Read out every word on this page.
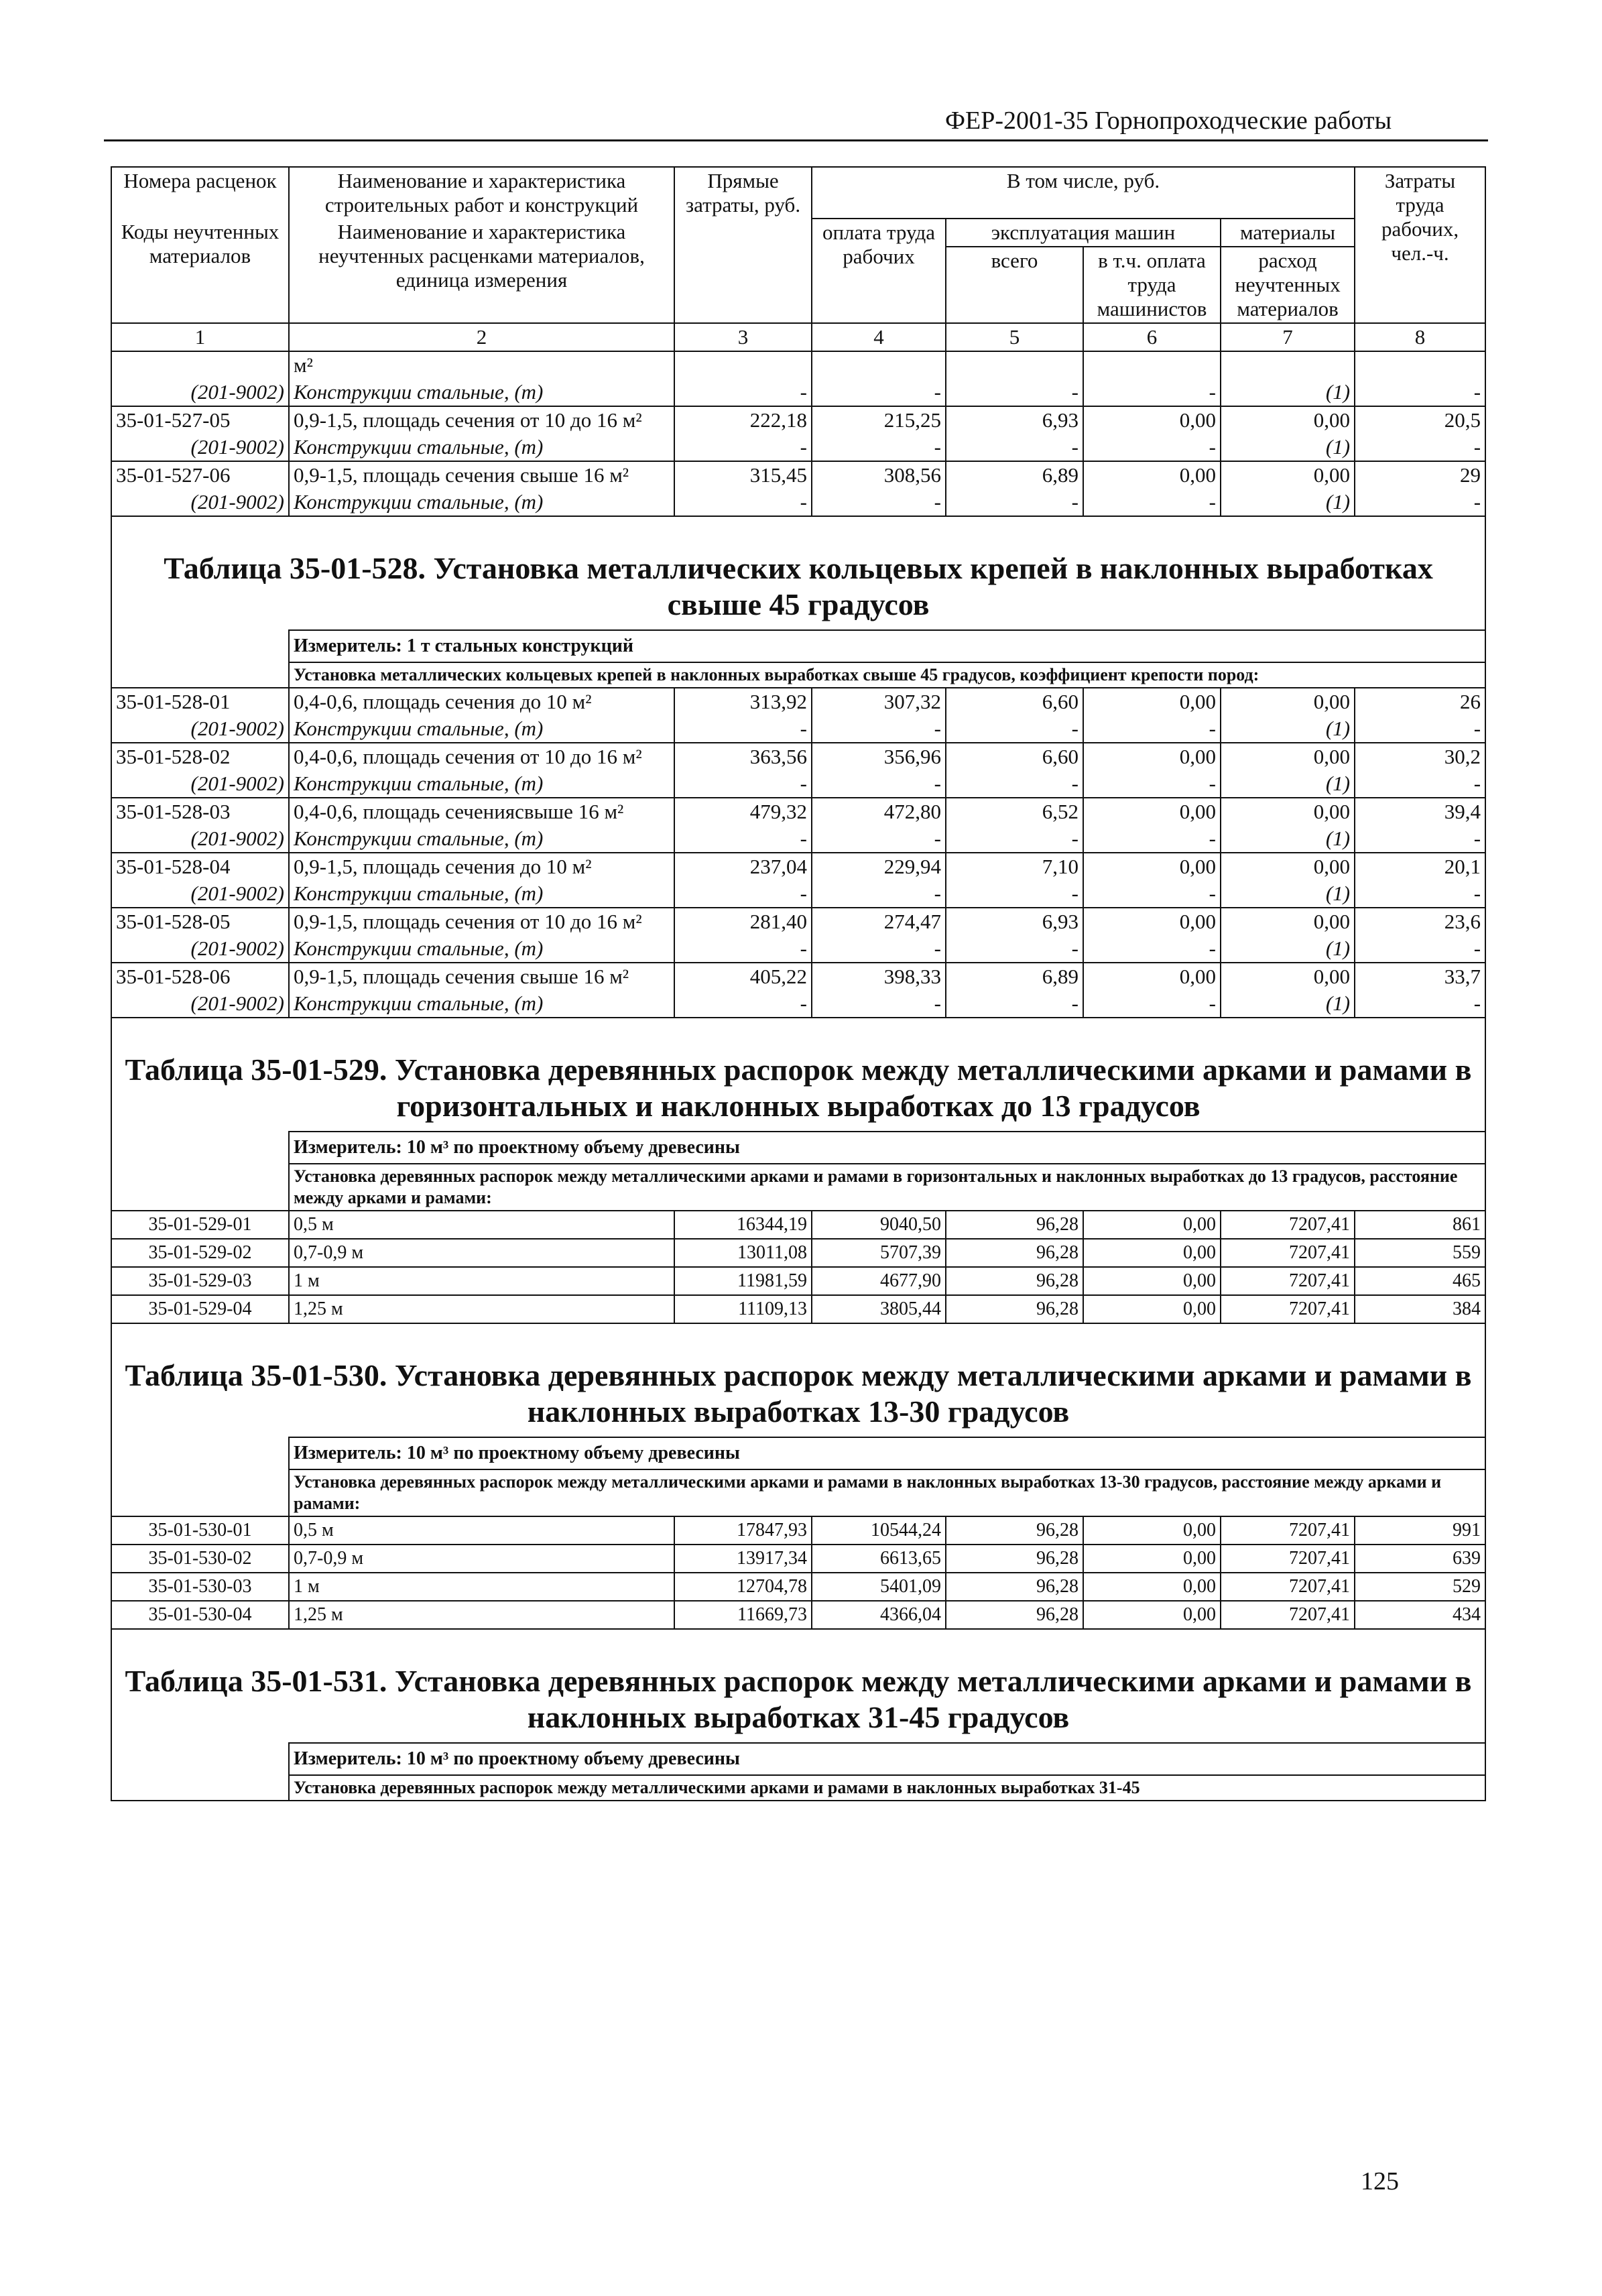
ФЕР-2001-35 Горнопроходческие работы
Номера расценок	Наименование и характеристика строительных работ и конструкций	Прямые затраты, руб.	В том числе, руб.				Затраты труда рабочих, чел.-ч.
Коды неучтенных материалов	Наименование и характеристика неучтенных расценками материалов, единица измерения		оплата труда рабочих	эксплуатация машин		материалы	
				всего	в т.ч. оплата труда машинистов	расход неучтенных материалов	
1	2	3	4	5	6	7	8
	м²						
(201-9002)	Конструкции стальные, (т)	-	-	-	-	(1)	-
35-01-527-05	0,9-1,5, площадь сечения от 10 до 16 м²	222,18	215,25	6,93	0,00	0,00	20,5
(201-9002)	Конструкции стальные, (т)	-	-	-	-	(1)	-
35-01-527-06	0,9-1,5, площадь сечения свыше 16 м²	315,45	308,56	6,89	0,00	0,00	29
(201-9002)	Конструкции стальные, (т)	-	-	-	-	(1)	-
Таблица 35-01-528. Установка металлических кольцевых крепей в наклонных выработках свыше 45 градусов							
	Измеритель: 1 т стальных конструкций						
	Установка металлических кольцевых крепей в наклонных выработках свыше 45 градусов, коэффициент крепости пород:						
35-01-528-01	0,4-0,6, площадь сечения до 10 м²	313,92	307,32	6,60	0,00	0,00	26
(201-9002)	Конструкции стальные, (т)	-	-	-	-	(1)	-
35-01-528-02	0,4-0,6, площадь сечения от 10 до 16 м²	363,56	356,96	6,60	0,00	0,00	30,2
(201-9002)	Конструкции стальные, (т)	-	-	-	-	(1)	-
35-01-528-03	0,4-0,6, площадь сечениясвыше 16 м²	479,32	472,80	6,52	0,00	0,00	39,4
(201-9002)	Конструкции стальные, (т)	-	-	-	-	(1)	-
35-01-528-04	0,9-1,5, площадь сечения до 10 м²	237,04	229,94	7,10	0,00	0,00	20,1
(201-9002)	Конструкции стальные, (т)	-	-	-	-	(1)	-
35-01-528-05	0,9-1,5, площадь сечения от 10 до 16 м²	281,40	274,47	6,93	0,00	0,00	23,6
(201-9002)	Конструкции стальные, (т)	-	-	-	-	(1)	-
35-01-528-06	0,9-1,5, площадь сечения свыше 16 м²	405,22	398,33	6,89	0,00	0,00	33,7
(201-9002)	Конструкции стальные, (т)	-	-	-	-	(1)	-
Таблица 35-01-529. Установка деревянных распорок между металлическими арками и рамами в горизонтальных и наклонных выработках до 13 градусов							
	Измеритель: 10 м³ по проектному объему древесины						
	Установка деревянных распорок между металлическими арками и рамами в горизонтальных и наклонных выработках до 13 градусов, расстояние между арками и рамами:						
35-01-529-01	0,5 м	16344,19	9040,50	96,28	0,00	7207,41	861
35-01-529-02	0,7-0,9 м	13011,08	5707,39	96,28	0,00	7207,41	559
35-01-529-03	1 м	11981,59	4677,90	96,28	0,00	7207,41	465
35-01-529-04	1,25 м	11109,13	3805,44	96,28	0,00	7207,41	384
Таблица 35-01-530. Установка деревянных распорок между металлическими арками и рамами в наклонных выработках 13-30 градусов							
	Измеритель: 10 м³ по проектному объему древесины						
	Установка деревянных распорок между металлическими арками и рамами в наклонных выработках 13-30 градусов, расстояние между арками и рамами:						
35-01-530-01	0,5 м	17847,93	10544,24	96,28	0,00	7207,41	991
35-01-530-02	0,7-0,9 м	13917,34	6613,65	96,28	0,00	7207,41	639
35-01-530-03	1 м	12704,78	5401,09	96,28	0,00	7207,41	529
35-01-530-04	1,25 м	11669,73	4366,04	96,28	0,00	7207,41	434
Таблица 35-01-531. Установка деревянных распорок между металлическими арками и рамами в наклонных выработках 31-45 градусов							
	Измеритель: 10 м³ по проектному объему древесины						
	Установка деревянных распорок между металлическими арками и рамами в наклонных выработках 31-45						
125
